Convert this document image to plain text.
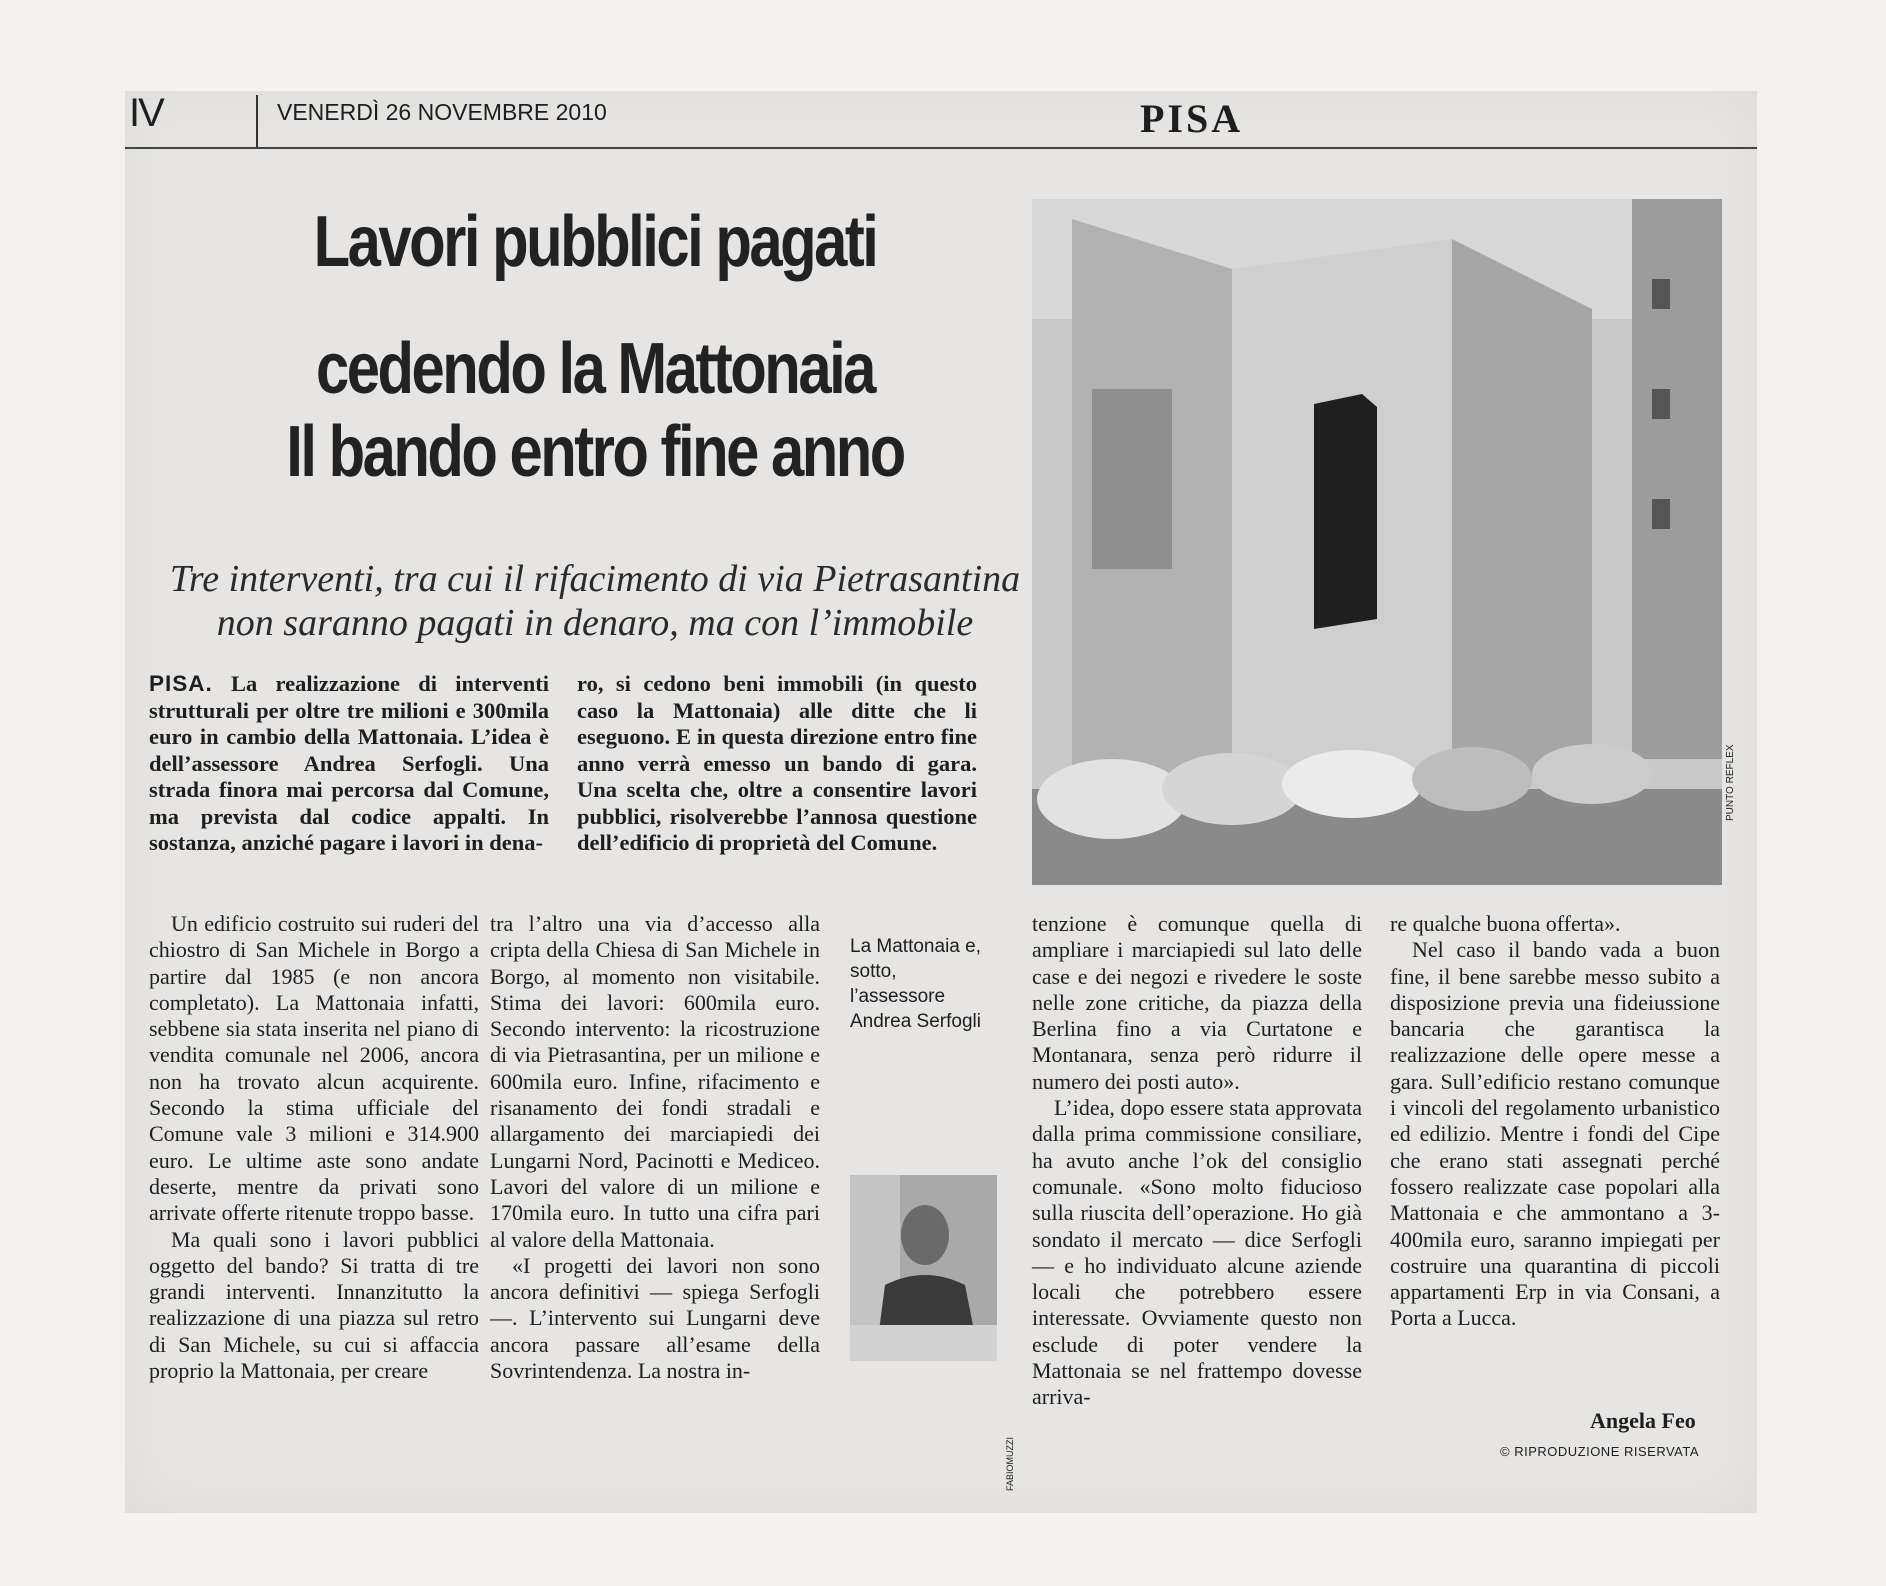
IV	VENERDÌ 26 NOVEMBRE 2010	PISA
Lavori pubblici pagati
cedendo la Mattonaia
Il bando entro fine anno
Tre interventi, tra cui il rifacimento di via Pietrasantina
non saranno pagati in denaro, ma con l’immobile
PISA. La realizzazione di interventi strutturali per oltre tre milioni e 300mila euro in cambio della Mattonaia. L’idea è dell’assessore Andrea Serfogli. Una strada finora mai percorsa dal Comune, ma prevista dal codice appalti. In sostanza, anziché pagare i lavori in dena-
ro, si cedono beni immobili (in questo caso la Mattonaia) alle ditte che li eseguono. E in questa direzione entro fine anno verrà emesso un bando di gara. Una scelta che, oltre a consentire lavori pubblici, risolverebbe l’annosa questione dell’edificio di proprietà del Comune.
PUNTO REFLEX

Un edificio costruito sui ruderi del chiostro di San Michele in Borgo a partire dal 1985 (e non ancora completato). La Mattonaia infatti, sebbene sia stata inserita nel piano di vendita comunale nel 2006, ancora non ha trovato alcun acquirente. Secondo la stima ufficiale del Comune vale 3 milioni e 314.900 euro. Le ultime aste sono andate deserte, mentre da privati sono arrivate offerte ritenute troppo basse.

Ma quali sono i lavori pubblici oggetto del bando? Si tratta di tre grandi interventi. Innanzitutto la realizzazione di una piazza sul retro di San Michele, su cui si affaccia proprio la Mattonaia, per creare

tra l’altro una via d’accesso alla cripta della Chiesa di San Michele in Borgo, al momento non visitabile. Stima dei lavori: 600mila euro. Secondo intervento: la ricostruzione di via Pietrasantina, per un milione e 600mila euro. Infine, rifacimento e risanamento dei fondi stradali e allargamento dei marciapiedi dei Lungarni Nord, Pacinotti e Mediceo. Lavori del valore di un milione e 170mila euro. In tutto una cifra pari al valore della Mattonaia.

«I progetti dei lavori non sono ancora definitivi — spiega Serfogli —. L’intervento sui Lungarni deve ancora passare all’esame della Sovrintendenza. La nostra in-

tenzione è comunque quella di ampliare i marciapiedi sul lato delle case e dei negozi e rivedere le soste nelle zone critiche, da piazza della Berlina fino a via Curtatone e Montanara, senza però ridurre il numero dei posti auto».

L’idea, dopo essere stata approvata dalla prima commissione consiliare, ha avuto anche l’ok del consiglio comunale. «Sono molto fiducioso sulla riuscita dell’operazione. Ho già sondato il mercato — dice Serfogli — e ho individuato alcune aziende locali che potrebbero essere interessate. Ovviamente questo non esclude di poter vendere la Mattonaia se nel frattempo dovesse arriva-

re qualche buona offerta».

Nel caso il bando vada a buon fine, il bene sarebbe messo subito a disposizione previa una fideiussione bancaria che garantisca la realizzazione delle opere messe a gara. Sull’edificio restano comunque i vincoli del regolamento urbanistico ed edilizio. Mentre i fondi del Cipe che erano stati assegnati perché fossero realizzate case popolari alla Mattonaia e che ammontano a 3-400mila euro, saranno impiegati per costruire una quarantina di piccoli appartamenti Erp in via Consani, a Porta a Lucca.

La Mattonaia e, sotto, l’assessore Andrea Serfogli
FABIOMUZZI
Angela Feo
© RIPRODUZIONE RISERVATA
